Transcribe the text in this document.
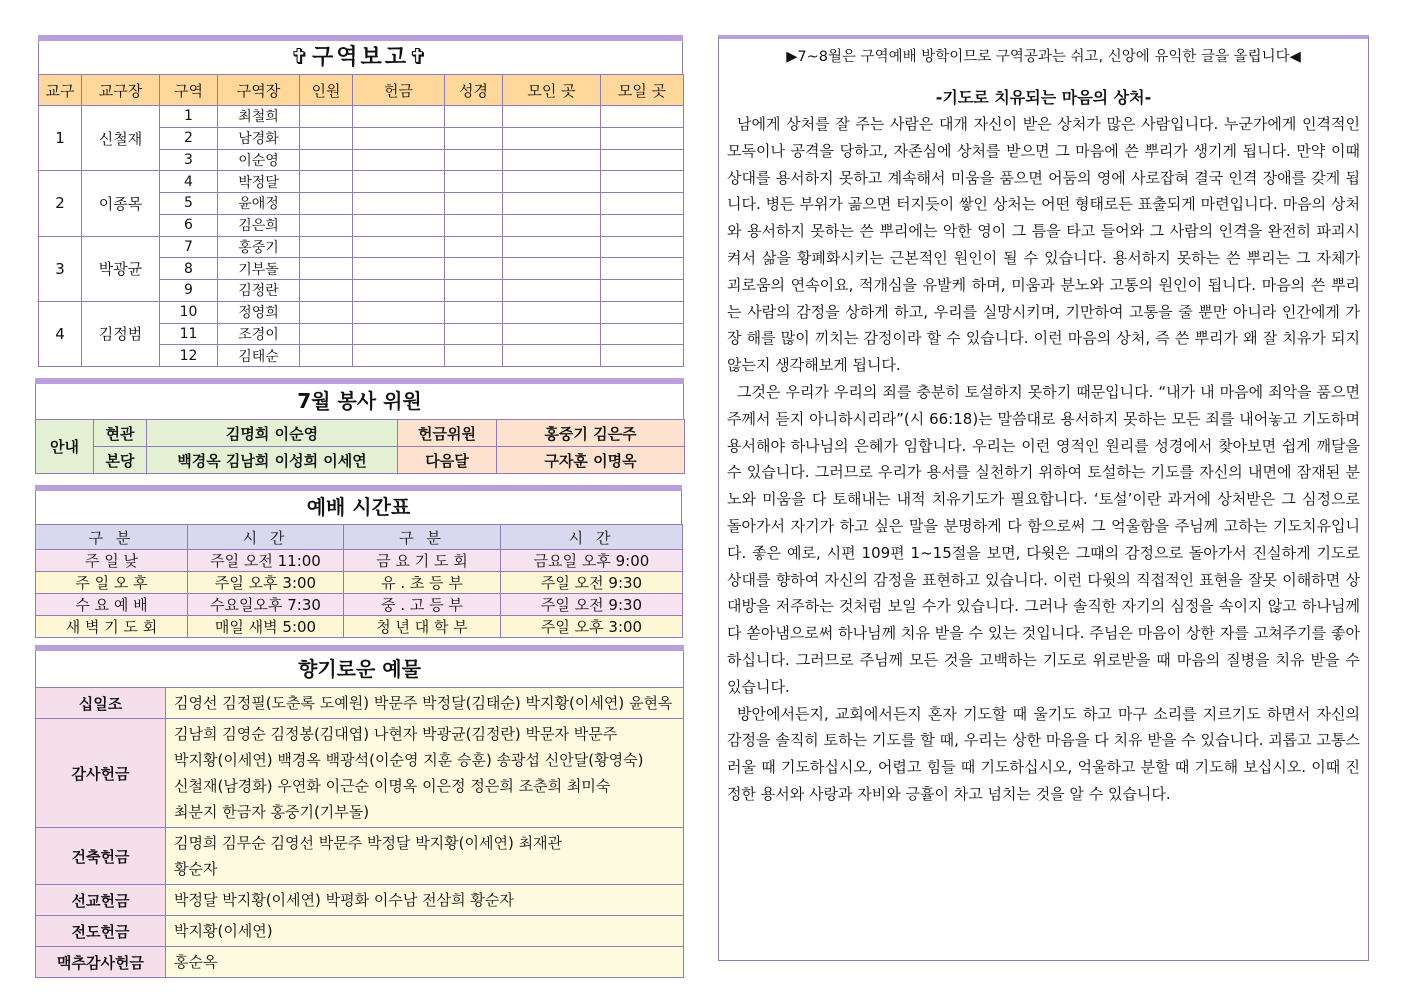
✞구역보고✞
교구	교구장	구역	구역장	인원	헌금	성경	모인 곳	모일 곳
1	신철재	1	최철희					
		2	남경화					
		3	이순영					
2	이종목	4	박정달					
		5	윤애정					
		6	김은희					
3	박광균	7	홍중기					
		8	기부돌					
		9	김정란					
4	김정범	10	정영희					
		11	조경이					
		12	김태순					
7월 봉사 위원
안내	현관	김명희 이순영	헌금위원	홍중기 김은주
	본당	백경옥 김남희 이성희 이세연	다음달	구자훈 이명옥
예배 시간표
구 분	시 간	구 분	시 간
주 일 낮	주일 오전 11:00	금 요 기 도 회	금요일 오후 9:00
주 일 오 후	주일 오후 3:00	유 . 초 등 부	주일 오전 9:30
수 요 예 배	수요일오후 7:30	중 . 고 등 부	주일 오전 9:30
새 벽 기 도 회	매일 새벽 5:00	청 년 대 학 부	주일 오후 3:00
향기로운 예물
십일조	김영선 김정필(도춘록 도예원) 박문주 박정달(김태순) 박지황(이세연) 윤현옥

감사헌금	김남희 김영순 김정봉(김대엽) 나현자 박광균(김정란) 박문자 박문주
박지황(이세연) 백경옥 백광석(이순영 지훈 승훈) 송광섭 신안달(황영숙)
신철재(남경화) 우연화 이근순 이명옥 이은정 정은희 조춘희 최미숙
최분지 한금자 홍중기(기부돌)

건축헌금	김명희 김무순 김영선 박문주 박정달 박지황(이세연) 최재관
황순자

선교헌금	박정달 박지황(이세연) 박평화 이수남 전삼희 황순자

전도헌금	박지황(이세연)

맥추감사헌금	홍순옥
▶7~8월은 구역예배 방학이므로 구역공과는 쉬고, 신앙에 유익한 글을 올립니다◀
-기도로 치유되는 마음의 상처-

남에게 상처를 잘 주는 사람은 대개 자신이 받은 상처가 많은 사람입니다. 누군가에게 인격적인 모독이나 공격을 당하고, 자존심에 상처를 받으면 그 마음에 쓴 뿌리가 생기게 됩니다. 만약 이때 상대를 용서하지 못하고 계속해서 미움을 품으면 어둠의 영에 사로잡혀 결국 인격 장애를 갖게 됩니다. 병든 부위가 곪으면 터지듯이 쌓인 상처는 어떤 형태로든 표출되게 마련입니다. 마음의 상처와 용서하지 못하는 쓴 뿌리에는 악한 영이 그 틈을 타고 들어와 그 사람의 인격을 완전히 파괴시켜서 삶을 황폐화시키는 근본적인 원인이 될 수 있습니다. 용서하지 못하는 쓴 뿌리는 그 자체가 괴로움의 연속이요, 적개심을 유발케 하며, 미움과 분노와 고통의 원인이 됩니다. 마음의 쓴 뿌리는 사람의 감정을 상하게 하고, 우리를 실망시키며, 기만하여 고통을 줄 뿐만 아니라 인간에게 가장 해를 많이 끼치는 감정이라 할 수 있습니다. 이런 마음의 상처, 즉 쓴 뿌리가 왜 잘 치유가 되지 않는지 생각해보게 됩니다.

그것은 우리가 우리의 죄를 충분히 토설하지 못하기 때문입니다. “내가 내 마음에 죄악을 품으면 주께서 듣지 아니하시리라”(시 66:18)는 말씀대로 용서하지 못하는 모든 죄를 내어놓고 기도하며 용서해야 하나님의 은혜가 임합니다. 우리는 이런 영적인 원리를 성경에서 찾아보면 쉽게 깨달을 수 있습니다. 그러므로 우리가 용서를 실천하기 위하여 토설하는 기도를 자신의 내면에 잠재된 분노와 미움을 다 토해내는 내적 치유기도가 필요합니다. ‘토설’이란 과거에 상처받은 그 심정으로 돌아가서 자기가 하고 싶은 말을 분명하게 다 함으로써 그 억울함을 주님께 고하는 기도치유입니다. 좋은 예로, 시편 109편 1~15절을 보면, 다윗은 그때의 감정으로 돌아가서 진실하게 기도로 상대를 향하여 자신의 감정을 표현하고 있습니다. 이런 다윗의 직접적인 표현을 잘못 이해하면 상대방을 저주하는 것처럼 보일 수가 있습니다. 그러나 솔직한 자기의 심정을 속이지 않고 하나님께 다 쏟아냄으로써 하나님께 치유 받을 수 있는 것입니다. 주님은 마음이 상한 자를 고쳐주기를 좋아하십니다. 그러므로 주님께 모든 것을 고백하는 기도로 위로받을 때 마음의 질병을 치유 받을 수 있습니다.

방안에서든지, 교회에서든지 혼자 기도할 때 울기도 하고 마구 소리를 지르기도 하면서 자신의 감정을 솔직히 토하는 기도를 할 때, 우리는 상한 마음을 다 치유 받을 수 있습니다. 괴롭고 고통스러울 때 기도하십시오, 어렵고 힘들 때 기도하십시오, 억울하고 분할 때 기도해 보십시오. 이때 진정한 용서와 사랑과 자비와 긍휼이 차고 넘치는 것을 알 수 있습니다.
